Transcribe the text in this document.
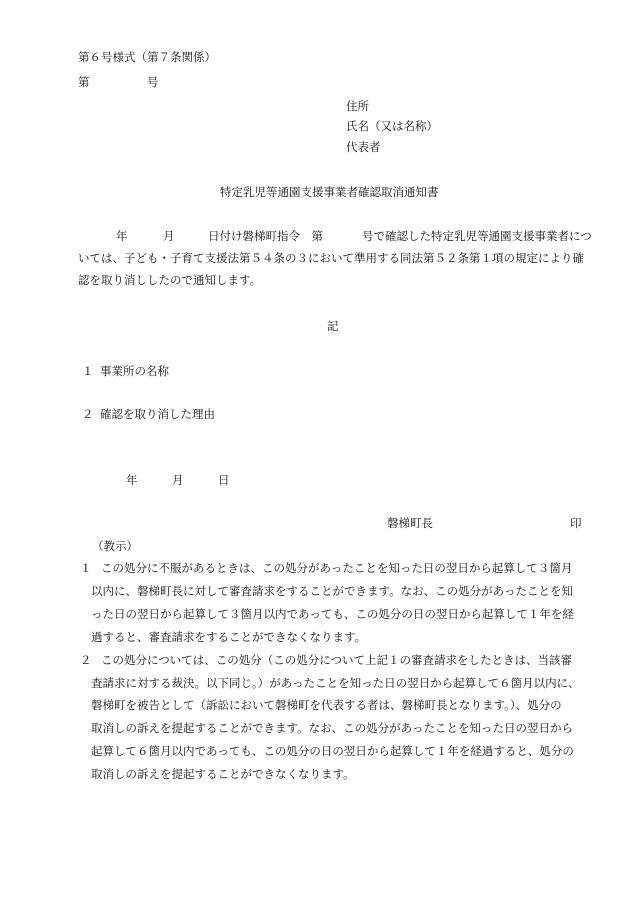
第６号様式（第７条関係）
第	号
住所
氏名（又は名称）
代表者
特定乳児等通園支援事業者確認取消通知書
年	月	日付け磐梯町指令　第	号で確認した特定乳児等通園支援事業者につ
いては、子ども・子育て支援法第５４条の３において準用する同法第５２条第１項の規定により確
認を取り消ししたので通知します。
記
１ 事業所の名称
２ 確認を取り消した理由
年	月	日
磐梯町長	印
（教示）
１ この処分に不服があるときは、この処分があったことを知った日の翌日から起算して３箇月
以内に、磐梯町長に対して審査請求をすることができます。なお、この処分があったことを知
った日の翌日から起算して３箇月以内であっても、この処分の日の翌日から起算して１年を経
過すると、審査請求をすることができなくなります。
２ この処分については、この処分（この処分について上記１の審査請求をしたときは、当該審
査請求に対する裁決。以下同じ。）があったことを知った日の翌日から起算して６箇月以内に、
磐梯町を被告として（訴訟において磐梯町を代表する者は、磐梯町長となります。）、処分の
取消しの訴えを提起することができます。なお、この処分があったことを知った日の翌日から
起算して６箇月以内であっても、この処分の日の翌日から起算して１年を経過すると、処分の
取消しの訴えを提起することができなくなります。
